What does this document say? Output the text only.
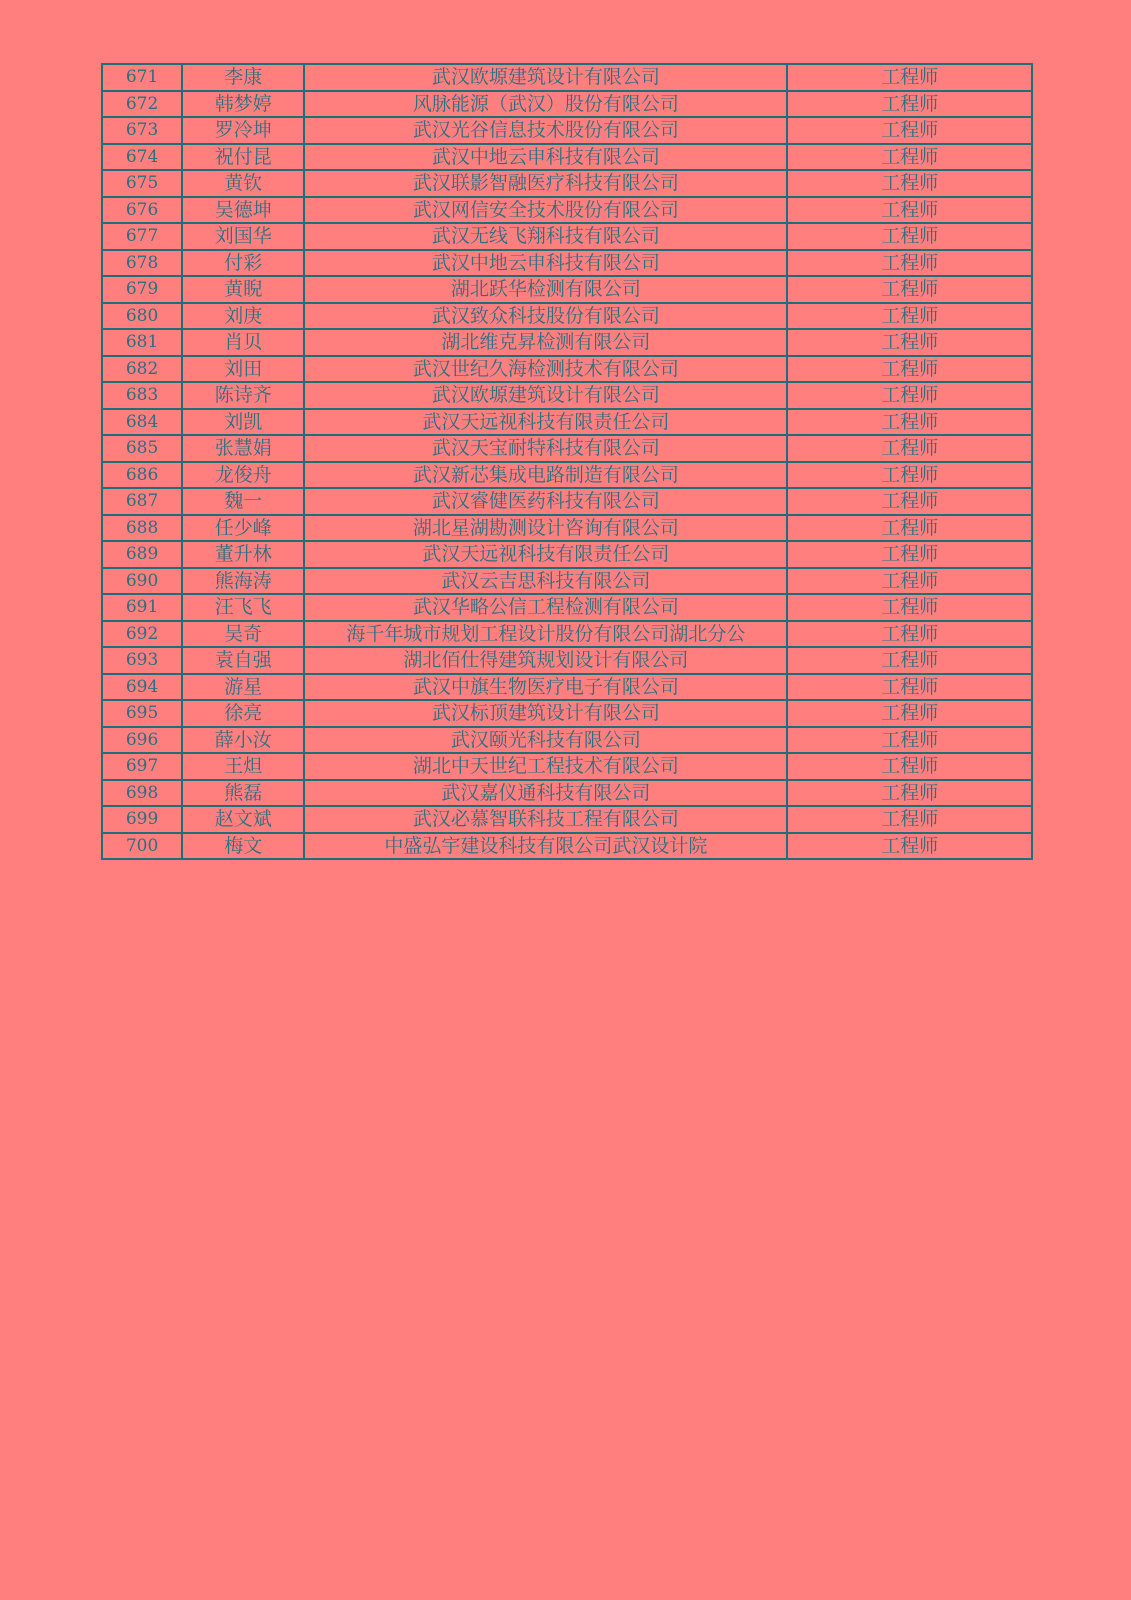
671	李康	武汉欧塬建筑设计有限公司	工程师
672	韩梦婷	风脉能源（武汉）股份有限公司	工程师
673	罗冷坤	武汉光谷信息技术股份有限公司	工程师
674	祝付昆	武汉中地云申科技有限公司	工程师
675	黄钦	武汉联影智融医疗科技有限公司	工程师
676	吴德坤	武汉网信安全技术股份有限公司	工程师
677	刘国华	武汉无线飞翔科技有限公司	工程师
678	付彩	武汉中地云申科技有限公司	工程师
679	黄睨	湖北跃华检测有限公司	工程师
680	刘庚	武汉致众科技股份有限公司	工程师
681	肖贝	湖北维克昇检测有限公司	工程师
682	刘田	武汉世纪久海检测技术有限公司	工程师
683	陈诗齐	武汉欧塬建筑设计有限公司	工程师
684	刘凯	武汉天远视科技有限责任公司	工程师
685	张慧娟	武汉天宝耐特科技有限公司	工程师
686	龙俊舟	武汉新芯集成电路制造有限公司	工程师
687	魏一	武汉睿健医药科技有限公司	工程师
688	任少峰	湖北星湖勘测设计咨询有限公司	工程师
689	董升林	武汉天远视科技有限责任公司	工程师
690	熊海涛	武汉云吉思科技有限公司	工程师
691	汪飞飞	武汉华略公信工程检测有限公司	工程师
692	吴奇	海千年城市规划工程设计股份有限公司湖北分公	工程师
693	袁自强	湖北佰仕得建筑规划设计有限公司	工程师
694	游星	武汉中旗生物医疗电子有限公司	工程师
695	徐亮	武汉标顶建筑设计有限公司	工程师
696	薛小汝	武汉颐光科技有限公司	工程师
697	王炟	湖北中天世纪工程技术有限公司	工程师
698	熊磊	武汉嘉仪通科技有限公司	工程师
699	赵文斌	武汉必慕智联科技工程有限公司	工程师
700	梅文	中盛弘宇建设科技有限公司武汉设计院	工程师
